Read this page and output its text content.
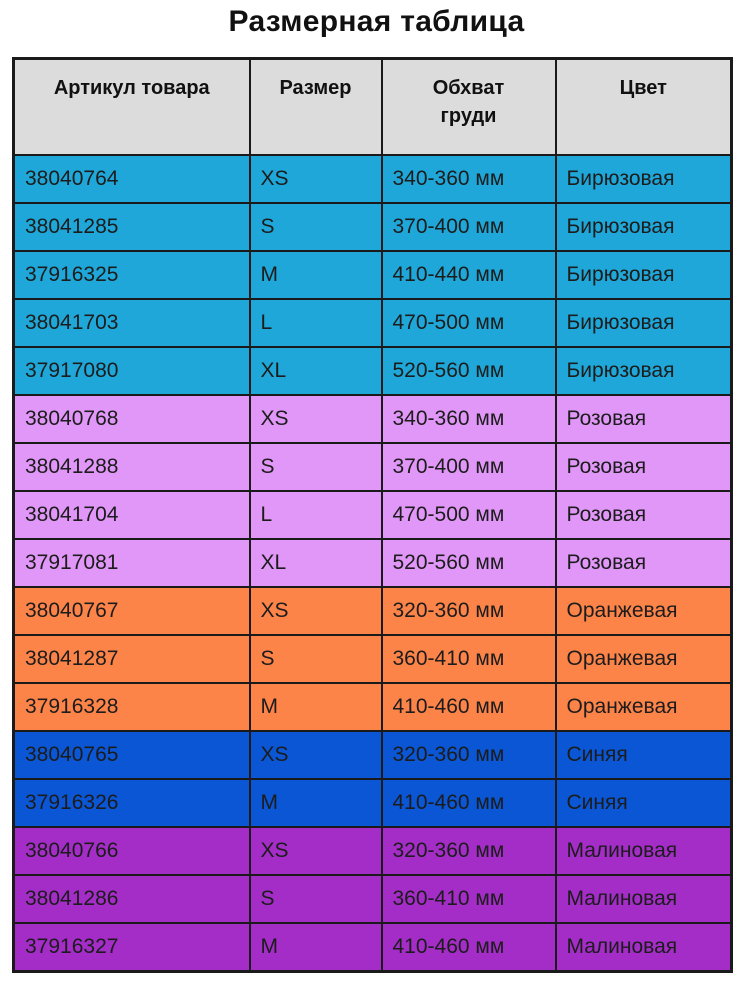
Размерная таблица
Артикул товара	Размер	Обхват груди	Цвет
38040764	XS	340-360 мм	Бирюзовая
38041285	S	370-400 мм	Бирюзовая
37916325	M	410-440 мм	Бирюзовая
38041703	L	470-500 мм	Бирюзовая
37917080	XL	520-560 мм	Бирюзовая
38040768	XS	340-360 мм	Розовая
38041288	S	370-400 мм	Розовая
38041704	L	470-500 мм	Розовая
37917081	XL	520-560 мм	Розовая
38040767	XS	320-360 мм	Оранжевая
38041287	S	360-410 мм	Оранжевая
37916328	M	410-460 мм	Оранжевая
38040765	XS	320-360 мм	Синяя
37916326	M	410-460 мм	Синяя
38040766	XS	320-360 мм	Малиновая
38041286	S	360-410 мм	Малиновая
37916327	M	410-460 мм	Малиновая
